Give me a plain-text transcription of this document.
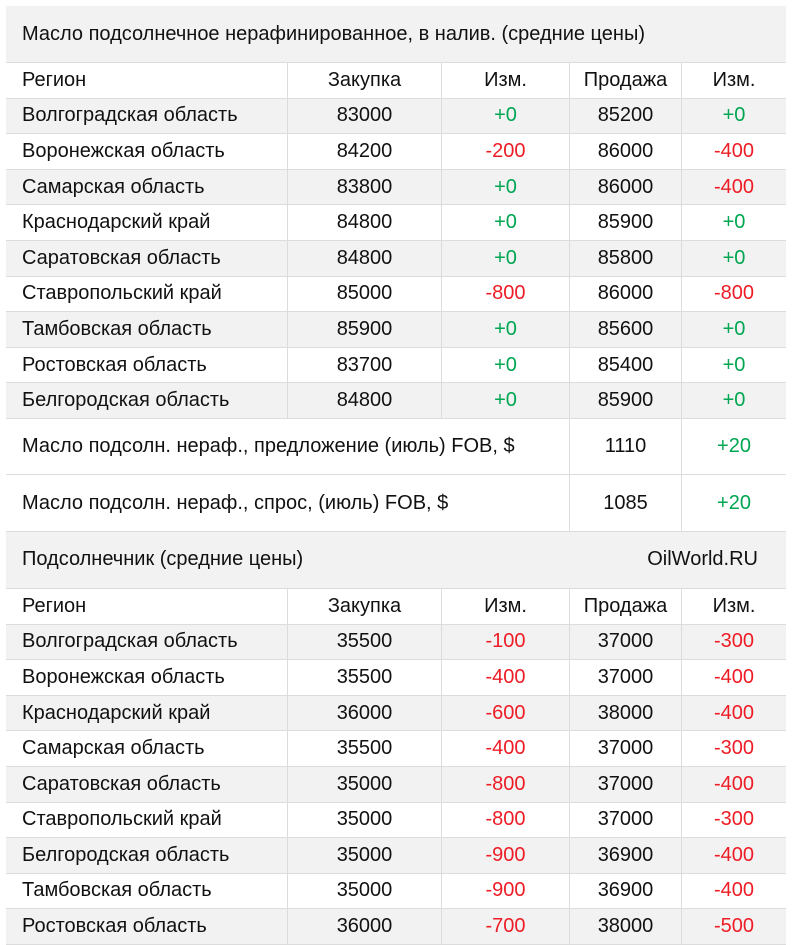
Масло подсолнечное нерафинированное, в налив. (средние цены)
Регион	Закупка	Изм.	Продажа	Изм.
Волгоградская область	83000	+0	85200	+0
Воронежская область	84200	-200	86000	-400
Самарская область	83800	+0	86000	-400
Краснодарский край	84800	+0	85900	+0
Саратовская область	84800	+0	85800	+0
Ставропольский край	85000	-800	86000	-800
Тамбовская область	85900	+0	85600	+0
Ростовская область	83700	+0	85400	+0
Белгородская область	84800	+0	85900	+0
Масло подсолн. нераф., предложение (июль) FOB, $	1110	+20
Масло подсолн. нераф., спрос, (июль) FOB, $	1085	+20
Подсолнечник (средние цены)	OilWorld.RU
Регион	Закупка	Изм.	Продажа	Изм.
Волгоградская область	35500	-100	37000	-300
Воронежская область	35500	-400	37000	-400
Краснодарский край	36000	-600	38000	-400
Самарская область	35500	-400	37000	-300
Саратовская область	35000	-800	37000	-400
Ставропольский край	35000	-800	37000	-300
Белгородская область	35000	-900	36900	-400
Тамбовская область	35000	-900	36900	-400
Ростовская область	36000	-700	38000	-500
